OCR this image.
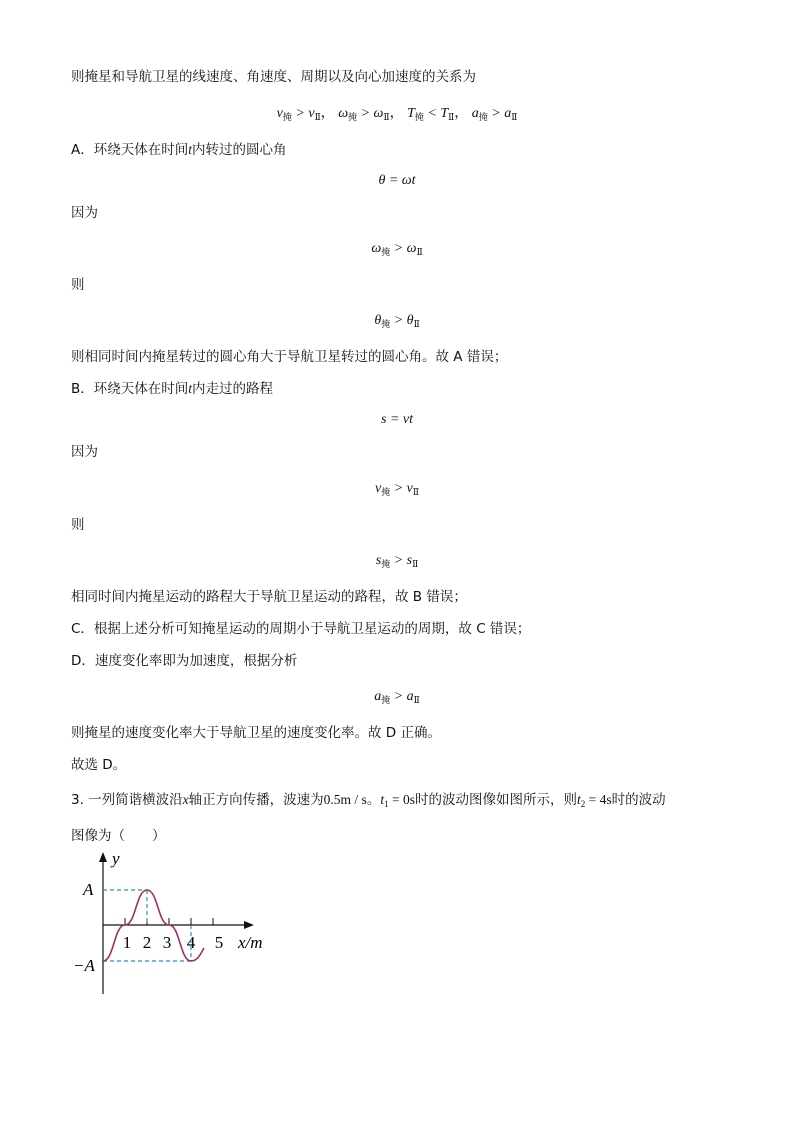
则掩星和导航卫星的线速度、角速度、周期以及向心加速度的关系为
$v_掩 > v_Ⅱ$， $\omega_掩 > \omega_Ⅱ$， $T_掩 < T_Ⅱ$， $a_掩 > a_Ⅱ$
A．环绕天体在时间t内转过的圆心角
θ = ωt
因为
$\omega_掩 > \omega_Ⅱ$
则
$\theta_掩 > \theta_Ⅱ$
则相同时间内掩星转过的圆心角大于导航卫星转过的圆心角。故 A 错误；
B．环绕天体在时间t内走过的路程
s = vt
因为
$v_掩 > v_Ⅱ$
则
$s_掩 > s_Ⅱ$
相同时间内掩星运动的路程大于导航卫星运动的路程，故 B 错误；
C．根据上述分析可知掩星运动的周期小于导航卫星运动的周期，故 C 错误；
D．速度变化率即为加速度，根据分析
$a_掩 > a_Ⅱ$
则掩星的速度变化率大于导航卫星的速度变化率。故 D 正确。
故选 D。
3. 一列简谐横波沿x轴正方向传播，波速为0.5m / s。$t_1 = 0s$时的波动图像如图所示，则$t_2 = 4s$时的波动
图像为（　　）
y
x/m
1 2 3 4 5
A
−A
